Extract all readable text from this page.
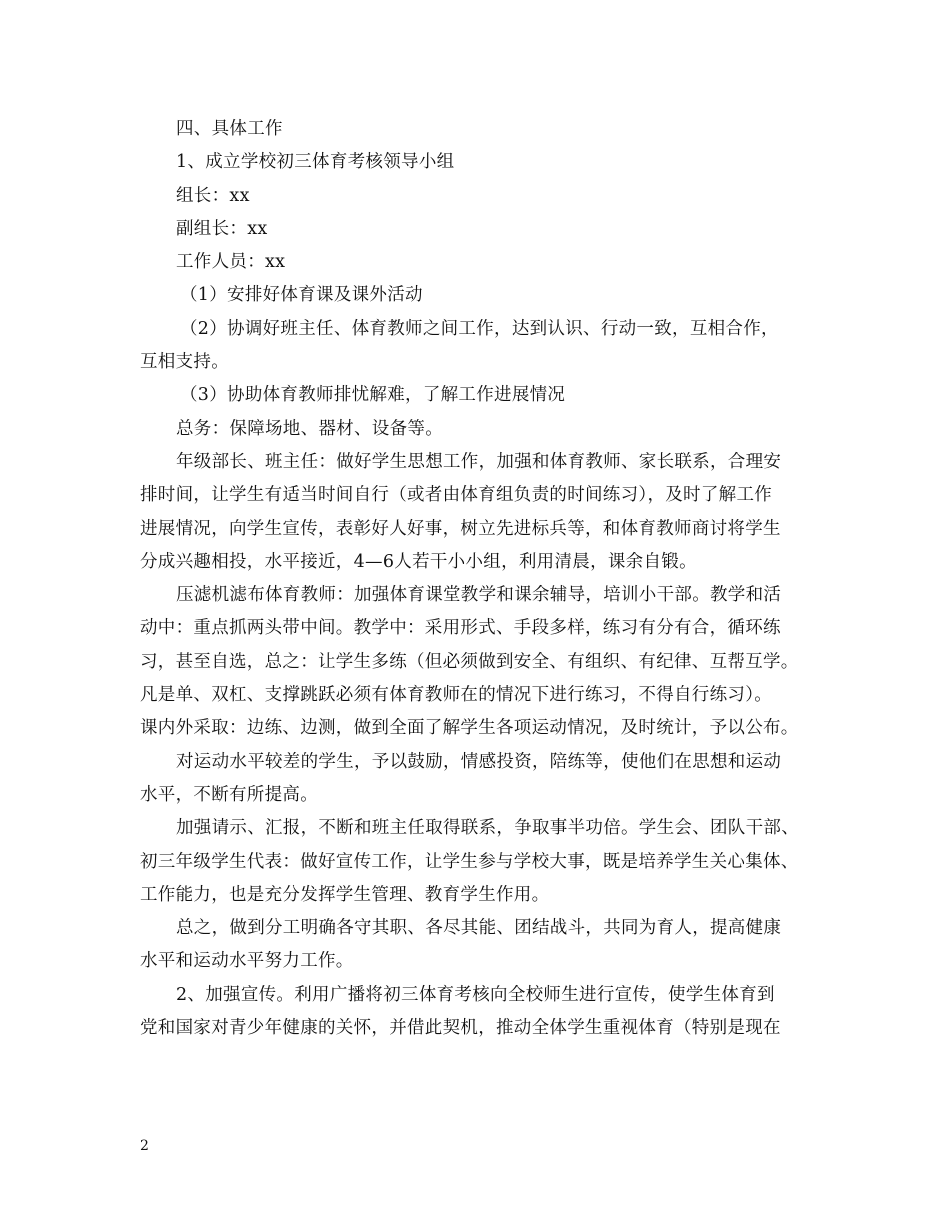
四、具体工作
1、成立学校初三体育考核领导小组
组长：xx
副组长：xx
工作人员：xx
（1）安排好体育课及课外活动
（2）协调好班主任、体育教师之间工作，达到认识、行动一致，互相合作，
互相支持。
（3）协助体育教师排忧解难，了解工作进展情况
总务：保障场地、器材、设备等。
年级部长、班主任：做好学生思想工作，加强和体育教师、家长联系，合理安
排时间，让学生有适当时间自行（或者由体育组负责的时间练习），及时了解工作
进展情况，向学生宣传，表彰好人好事，树立先进标兵等，和体育教师商讨将学生
分成兴趣相投，水平接近，4—6人若干小小组，利用清晨，课余自锻。
压滤机滤布体育教师：加强体育课堂教学和课余辅导，培训小干部。教学和活
动中：重点抓两头带中间。教学中：采用形式、手段多样，练习有分有合，循环练
习，甚至自选，总之：让学生多练（但必须做到安全、有组织、有纪律、互帮互学。
凡是单、双杠、支撑跳跃必须有体育教师在的情况下进行练习，不得自行练习）。
课内外采取：边练、边测，做到全面了解学生各项运动情况，及时统计，予以公布。
对运动水平较差的学生，予以鼓励，情感投资，陪练等，使他们在思想和运动
水平，不断有所提高。
加强请示、汇报，不断和班主任取得联系，争取事半功倍。学生会、团队干部、
初三年级学生代表：做好宣传工作，让学生参与学校大事，既是培养学生关心集体、
工作能力，也是充分发挥学生管理、教育学生作用。
总之，做到分工明确各守其职、各尽其能、团结战斗，共同为育人，提高健康
水平和运动水平努力工作。
2、加强宣传。利用广播将初三体育考核向全校师生进行宣传，使学生体育到
党和国家对青少年健康的关怀，并借此契机，推动全体学生重视体育（特别是现在
2
